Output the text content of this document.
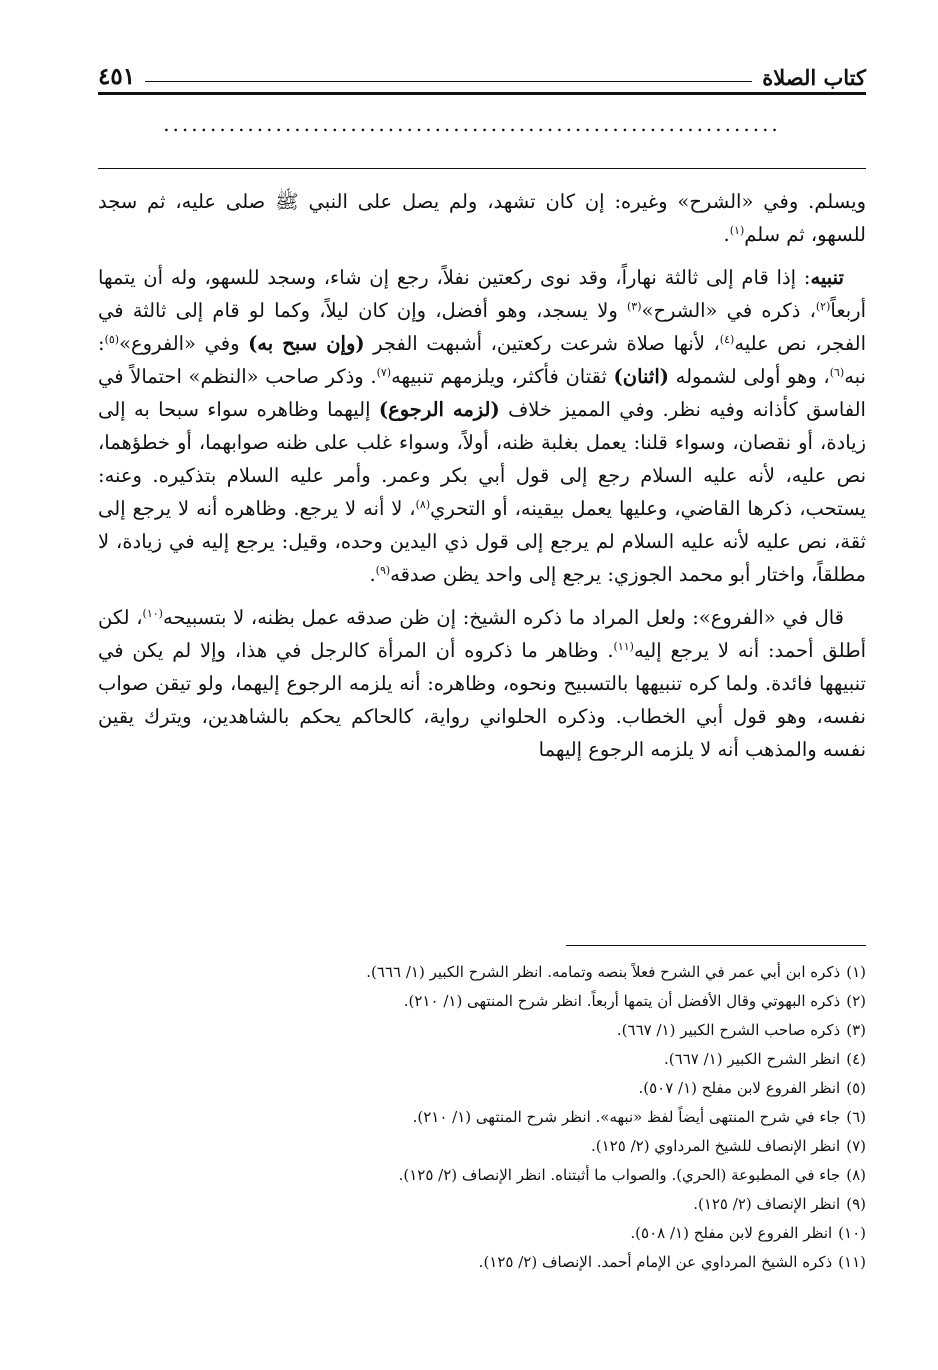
كتاب الصلاة
٤٥١
..................................................................

ويسلم. وفي «الشرح» وغيره: إن كان تشهد، ولم يصل على النبي ﷺ صلى عليه، ثم سجد للسهو، ثم سلم$^{(١)}$.

تنبيه: إذا قام إلى ثالثة نهاراً، وقد نوى ركعتين نفلاً، رجع إن شاء، وسجد للسهو، وله أن يتمها أربعاً$^{(٢)}$، ذكره في «الشرح»$^{(٣)}$ ولا يسجد، وهو أفضل، وإن كان ليلاً، وكما لو قام إلى ثالثة في الفجر، نص عليه$^{(٤)}$، لأنها صلاة شرعت ركعتين، أشبهت الفجر (وإن سبح به) وفي «الفروع»$^{(٥)}$: نبه$^{(٦)}$، وهو أولى لشموله (اثنان) ثقتان فأكثر، ويلزمهم تنبيهه$^{(٧)}$. وذكر صاحب «النظم» احتمالاً في الفاسق كأذانه وفيه نظر. وفي المميز خلاف (لزمه الرجوع) إليهما وظاهره سواء سبحا به إلى زيادة، أو نقصان، وسواء قلنا: يعمل بغلبة ظنه، أولاً، وسواء غلب على ظنه صوابهما، أو خطؤهما، نص عليه، لأنه عليه السلام رجع إلى قول أبي بكر وعمر. وأمر عليه السلام بتذكيره. وعنه: يستحب، ذكرها القاضي، وعليها يعمل بيقينه، أو التحري$^{(٨)}$، لا أنه لا يرجع. وظاهره أنه لا يرجع إلى ثقة، نص عليه لأنه عليه السلام لم يرجع إلى قول ذي اليدين وحده، وقيل: يرجع إليه في زيادة، لا مطلقاً، واختار أبو محمد الجوزي: يرجع إلى واحد يظن صدقه$^{(٩)}$.

قال في «الفروع»: ولعل المراد ما ذكره الشيخ: إن ظن صدقه عمل بظنه، لا بتسبيحه$^{(١٠)}$، لكن أطلق أحمد: أنه لا يرجع إليه$^{(١١)}$. وظاهر ما ذكروه أن المرأة كالرجل في هذا، وإلا لم يكن في تنبيهها فائدة. ولما كره تنبيهها بالتسبيح ونحوه، وظاهره: أنه يلزمه الرجوع إليهما، ولو تيقن صواب نفسه، وهو قول أبي الخطاب. وذكره الحلواني رواية، كالحاكم يحكم بالشاهدين، ويترك يقين نفسه والمذهب أنه لا يلزمه الرجوع إليهما

(١)ذكره ابن أبي عمر في الشرح فعلاً بنصه وتمامه. انظر الشرح الكبير (١/ ٦٦٦).
(٢)ذكره البهوتي وقال الأفضل أن يتمها أربعاً. انظر شرح المنتهى (١/ ٢١٠).
(٣)ذكره صاحب الشرح الكبير (١/ ٦٦٧).
(٤)انظر الشرح الكبير (١/ ٦٦٧).
(٥)انظر الفروع لابن مفلح (١/ ٥٠٧).
(٦)جاء في شرح المنتهى أيضاً لفظ «نبهه». انظر شرح المنتهى (١/ ٢١٠).
(٧)انظر الإنصاف للشيخ المرداوي (٢/ ١٢٥).
(٨)جاء في المطبوعة (الحري). والصواب ما أثبتناه. انظر الإنصاف (٢/ ١٢٥).
(٩)انظر الإنصاف (٢/ ١٢٥).
(١٠)انظر الفروع لابن مفلح (١/ ٥٠٨).
(١١)ذكره الشيخ المرداوي عن الإمام أحمد. الإنصاف (٢/ ١٢٥).
